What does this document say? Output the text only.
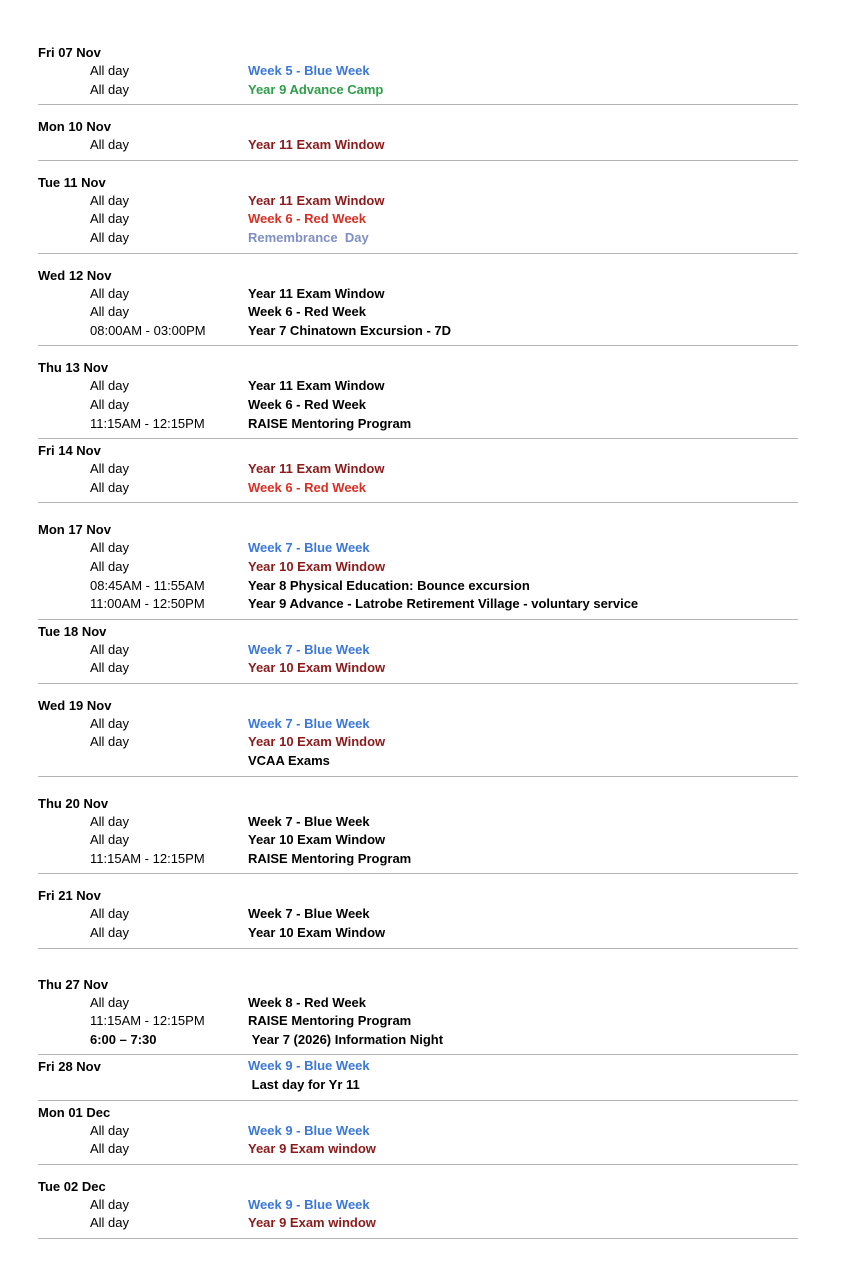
Fri 07 Nov
All day	Week 5 - Blue Week
All day	Year 9 Advance Camp
Mon 10 Nov
All day	Year 11 Exam Window
Tue 11 Nov
All day	Year 11 Exam Window
All day	Week 6 - Red Week
All day	Remembrance  Day
Wed 12 Nov
All day	Year 11 Exam Window
All day	Week 6 - Red Week
08:00AM - 03:00PM	Year 7 Chinatown Excursion - 7D
Thu 13 Nov
All day	Year 11 Exam Window
All day	Week 6 - Red Week
11:15AM - 12:15PM	RAISE Mentoring Program
Fri 14 Nov
All day	Year 11 Exam Window
All day	Week 6 - Red Week
Mon 17 Nov
All day	Week 7 - Blue Week
All day	Year 10 Exam Window
08:45AM - 11:55AM	Year 8 Physical Education: Bounce excursion
11:00AM - 12:50PM	Year 9 Advance - Latrobe Retirement Village - voluntary service
Tue 18 Nov
All day	Week 7 - Blue Week
All day	Year 10 Exam Window
Wed 19 Nov
All day	Week 7 - Blue Week
All day	Year 10 Exam Window
VCAA Exams
Thu 20 Nov
All day	Week 7 - Blue Week
All day	Year 10 Exam Window
11:15AM - 12:15PM	RAISE Mentoring Program
Fri 21 Nov
All day	Week 7 - Blue Week
All day	Year 10 Exam Window
Thu 27 Nov
All day	Week 8 - Red Week
11:15AM - 12:15PM	RAISE Mentoring Program
6:00 – 7:30	Year 7 (2026) Information Night
Fri 28 Nov	Week 9 - Blue Week
Last day for Yr 11
Mon 01 Dec
All day	Week 9 - Blue Week
All day	Year 9 Exam window
Tue 02 Dec
All day	Week 9 - Blue Week
All day	Year 9 Exam window
